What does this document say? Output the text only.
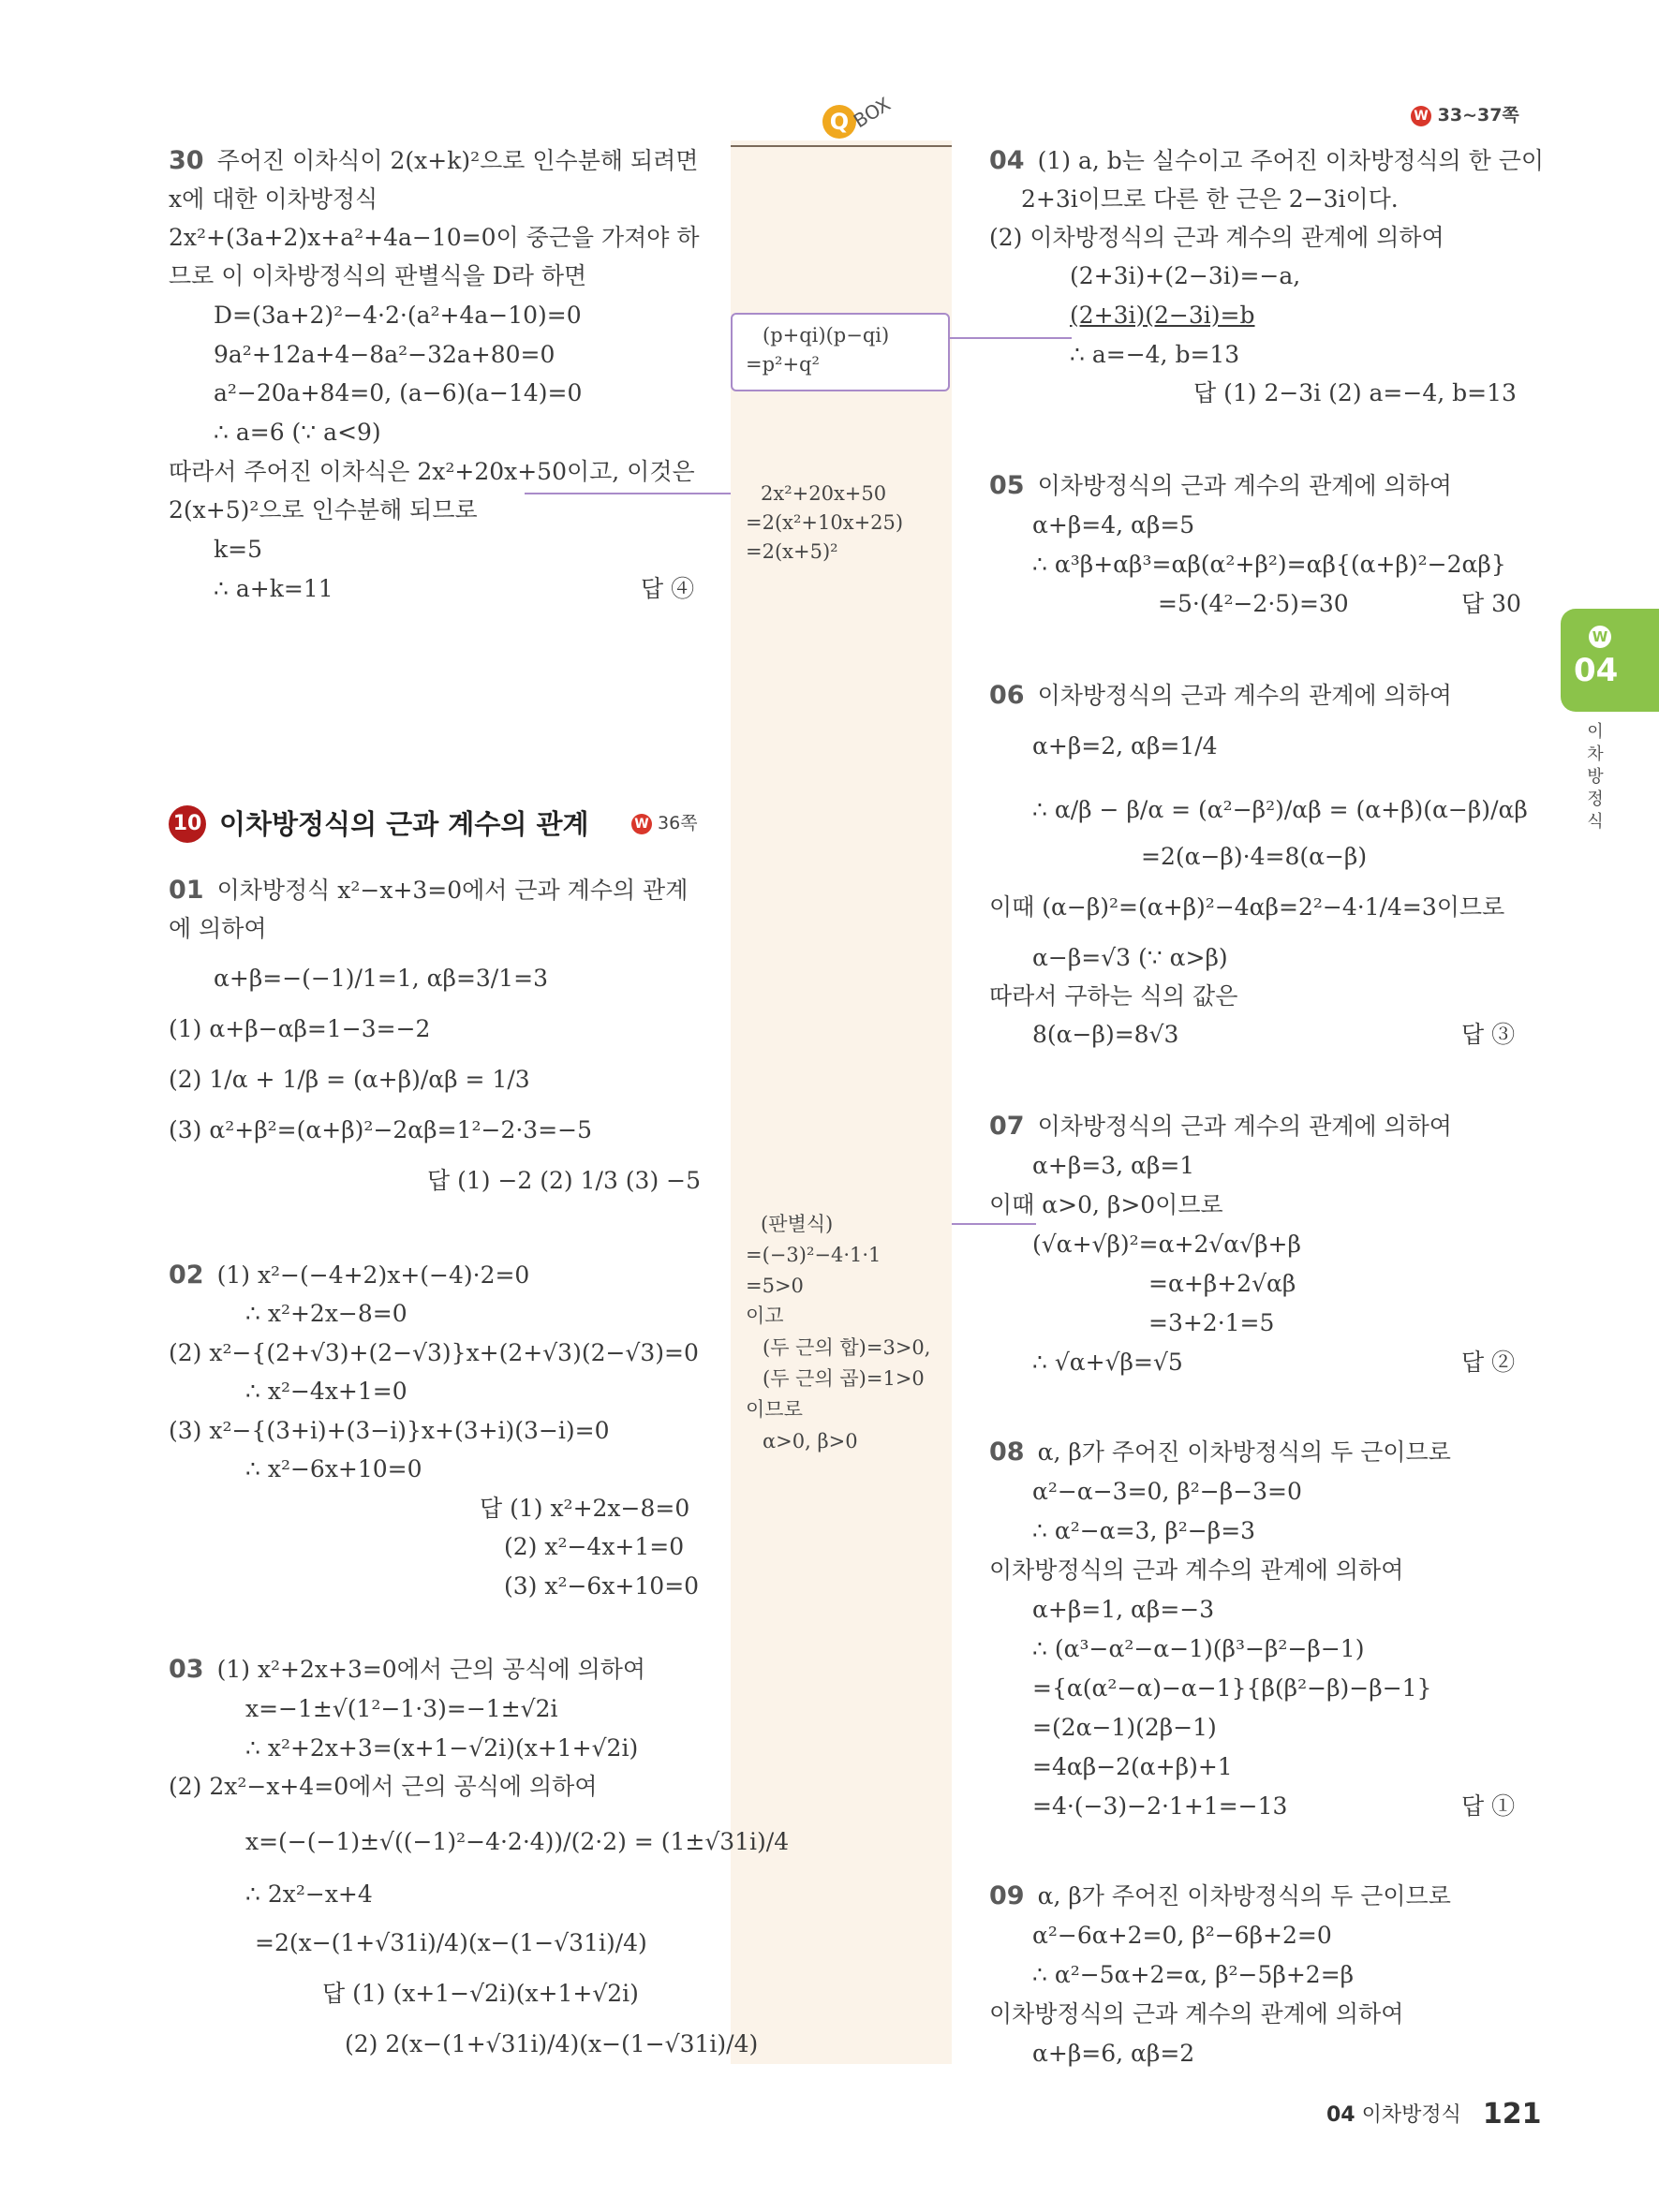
W 33~37쪽
Q BOX
W
04
이차방정식
30 주어진 이차식이 2(x+k)²으로 인수분해 되려면
x에 대한 이차방정식
2x²+(3a+2)x+a²+4a−10=0이 중근을 가져야 하
므로 이 이차방정식의 판별식을 D라 하면
D=(3a+2)²−4·2·(a²+4a−10)=0
9a²+12a+4−8a²−32a+80=0
a²−20a+84=0, (a−6)(a−14)=0
∴ a=6 (∵ a<9)
따라서 주어진 이차식은 2x²+20x+50이고, 이것은
2(x+5)²으로 인수분해 되므로
k=5
∴ a+k=11	답 ④
10 이차방정식의 근과 계수의 관계	W 36쪽
01 이차방정식 x²−x+3=0에서 근과 계수의 관계
에 의하여
α+β=−(−1)/1=1, αβ=3/1=3
(1) α+β−αβ=1−3=−2
(2) 1/α + 1/β = (α+β)/αβ = 1/3
(3) α²+β²=(α+β)²−2αβ=1²−2·3=−5
답 (1) −2 (2) 1/3 (3) −5
02 (1) x²−(−4+2)x+(−4)·2=0
∴ x²+2x−8=0
(2) x²−{(2+√3)+(2−√3)}x+(2+√3)(2−√3)=0
∴ x²−4x+1=0
(3) x²−{(3+i)+(3−i)}x+(3+i)(3−i)=0
∴ x²−6x+10=0
답 (1) x²+2x−8=0
(2) x²−4x+1=0
(3) x²−6x+10=0
03 (1) x²+2x+3=0에서 근의 공식에 의하여
x=−1±√(1²−1·3)=−1±√2i
∴ x²+2x+3=(x+1−√2i)(x+1+√2i)
(2) 2x²−x+4=0에서 근의 공식에 의하여
x=(−(−1)±√((−1)²−4·2·4))/(2·2) = (1±√31i)/4
∴ 2x²−x+4
=2(x−(1+√31i)/4)(x−(1−√31i)/4)
답 (1) (x+1−√2i)(x+1+√2i)
(2) 2(x−(1+√31i)/4)(x−(1−√31i)/4)
(p+qi)(p−qi)
=p²+q²
2x²+20x+50
=2(x²+10x+25)
=2(x+5)²
(판별식)
=(−3)²−4·1·1
=5>0
이고
(두 근의 합)=3>0,
(두 근의 곱)=1>0
이므로
α>0, β>0
04 (1) a, b는 실수이고 주어진 이차방정식의 한 근이
2+3i이므로 다른 한 근은 2−3i이다.
(2) 이차방정식의 근과 계수의 관계에 의하여
(2+3i)+(2−3i)=−a,
(2+3i)(2−3i)=b
∴ a=−4, b=13
답 (1) 2−3i (2) a=−4, b=13
05 이차방정식의 근과 계수의 관계에 의하여
α+β=4, αβ=5
∴ α³β+αβ³=αβ(α²+β²)=αβ{(α+β)²−2αβ}
=5·(4²−2·5)=30	답 30
06 이차방정식의 근과 계수의 관계에 의하여
α+β=2, αβ=1/4
∴ α/β − β/α = (α²−β²)/αβ = (α+β)(α−β)/αβ
=2(α−β)·4=8(α−β)
이때 (α−β)²=(α+β)²−4αβ=2²−4·1/4=3이므로
α−β=√3 (∵ α>β)
따라서 구하는 식의 값은
8(α−β)=8√3	답 ③
07 이차방정식의 근과 계수의 관계에 의하여
α+β=3, αβ=1
이때 α>0, β>0이므로
(√α+√β)²=α+2√α√β+β
=α+β+2√αβ
=3+2·1=5
∴ √α+√β=√5	답 ②
08 α, β가 주어진 이차방정식의 두 근이므로
α²−α−3=0, β²−β−3=0
∴ α²−α=3, β²−β=3
이차방정식의 근과 계수의 관계에 의하여
α+β=1, αβ=−3
∴ (α³−α²−α−1)(β³−β²−β−1)
={α(α²−α)−α−1}{β(β²−β)−β−1}
=(2α−1)(2β−1)
=4αβ−2(α+β)+1
=4·(−3)−2·1+1=−13	답 ①
09 α, β가 주어진 이차방정식의 두 근이므로
α²−6α+2=0, β²−6β+2=0
∴ α²−5α+2=α, β²−5β+2=β
이차방정식의 근과 계수의 관계에 의하여
α+β=6, αβ=2
04 이차방정식 121
